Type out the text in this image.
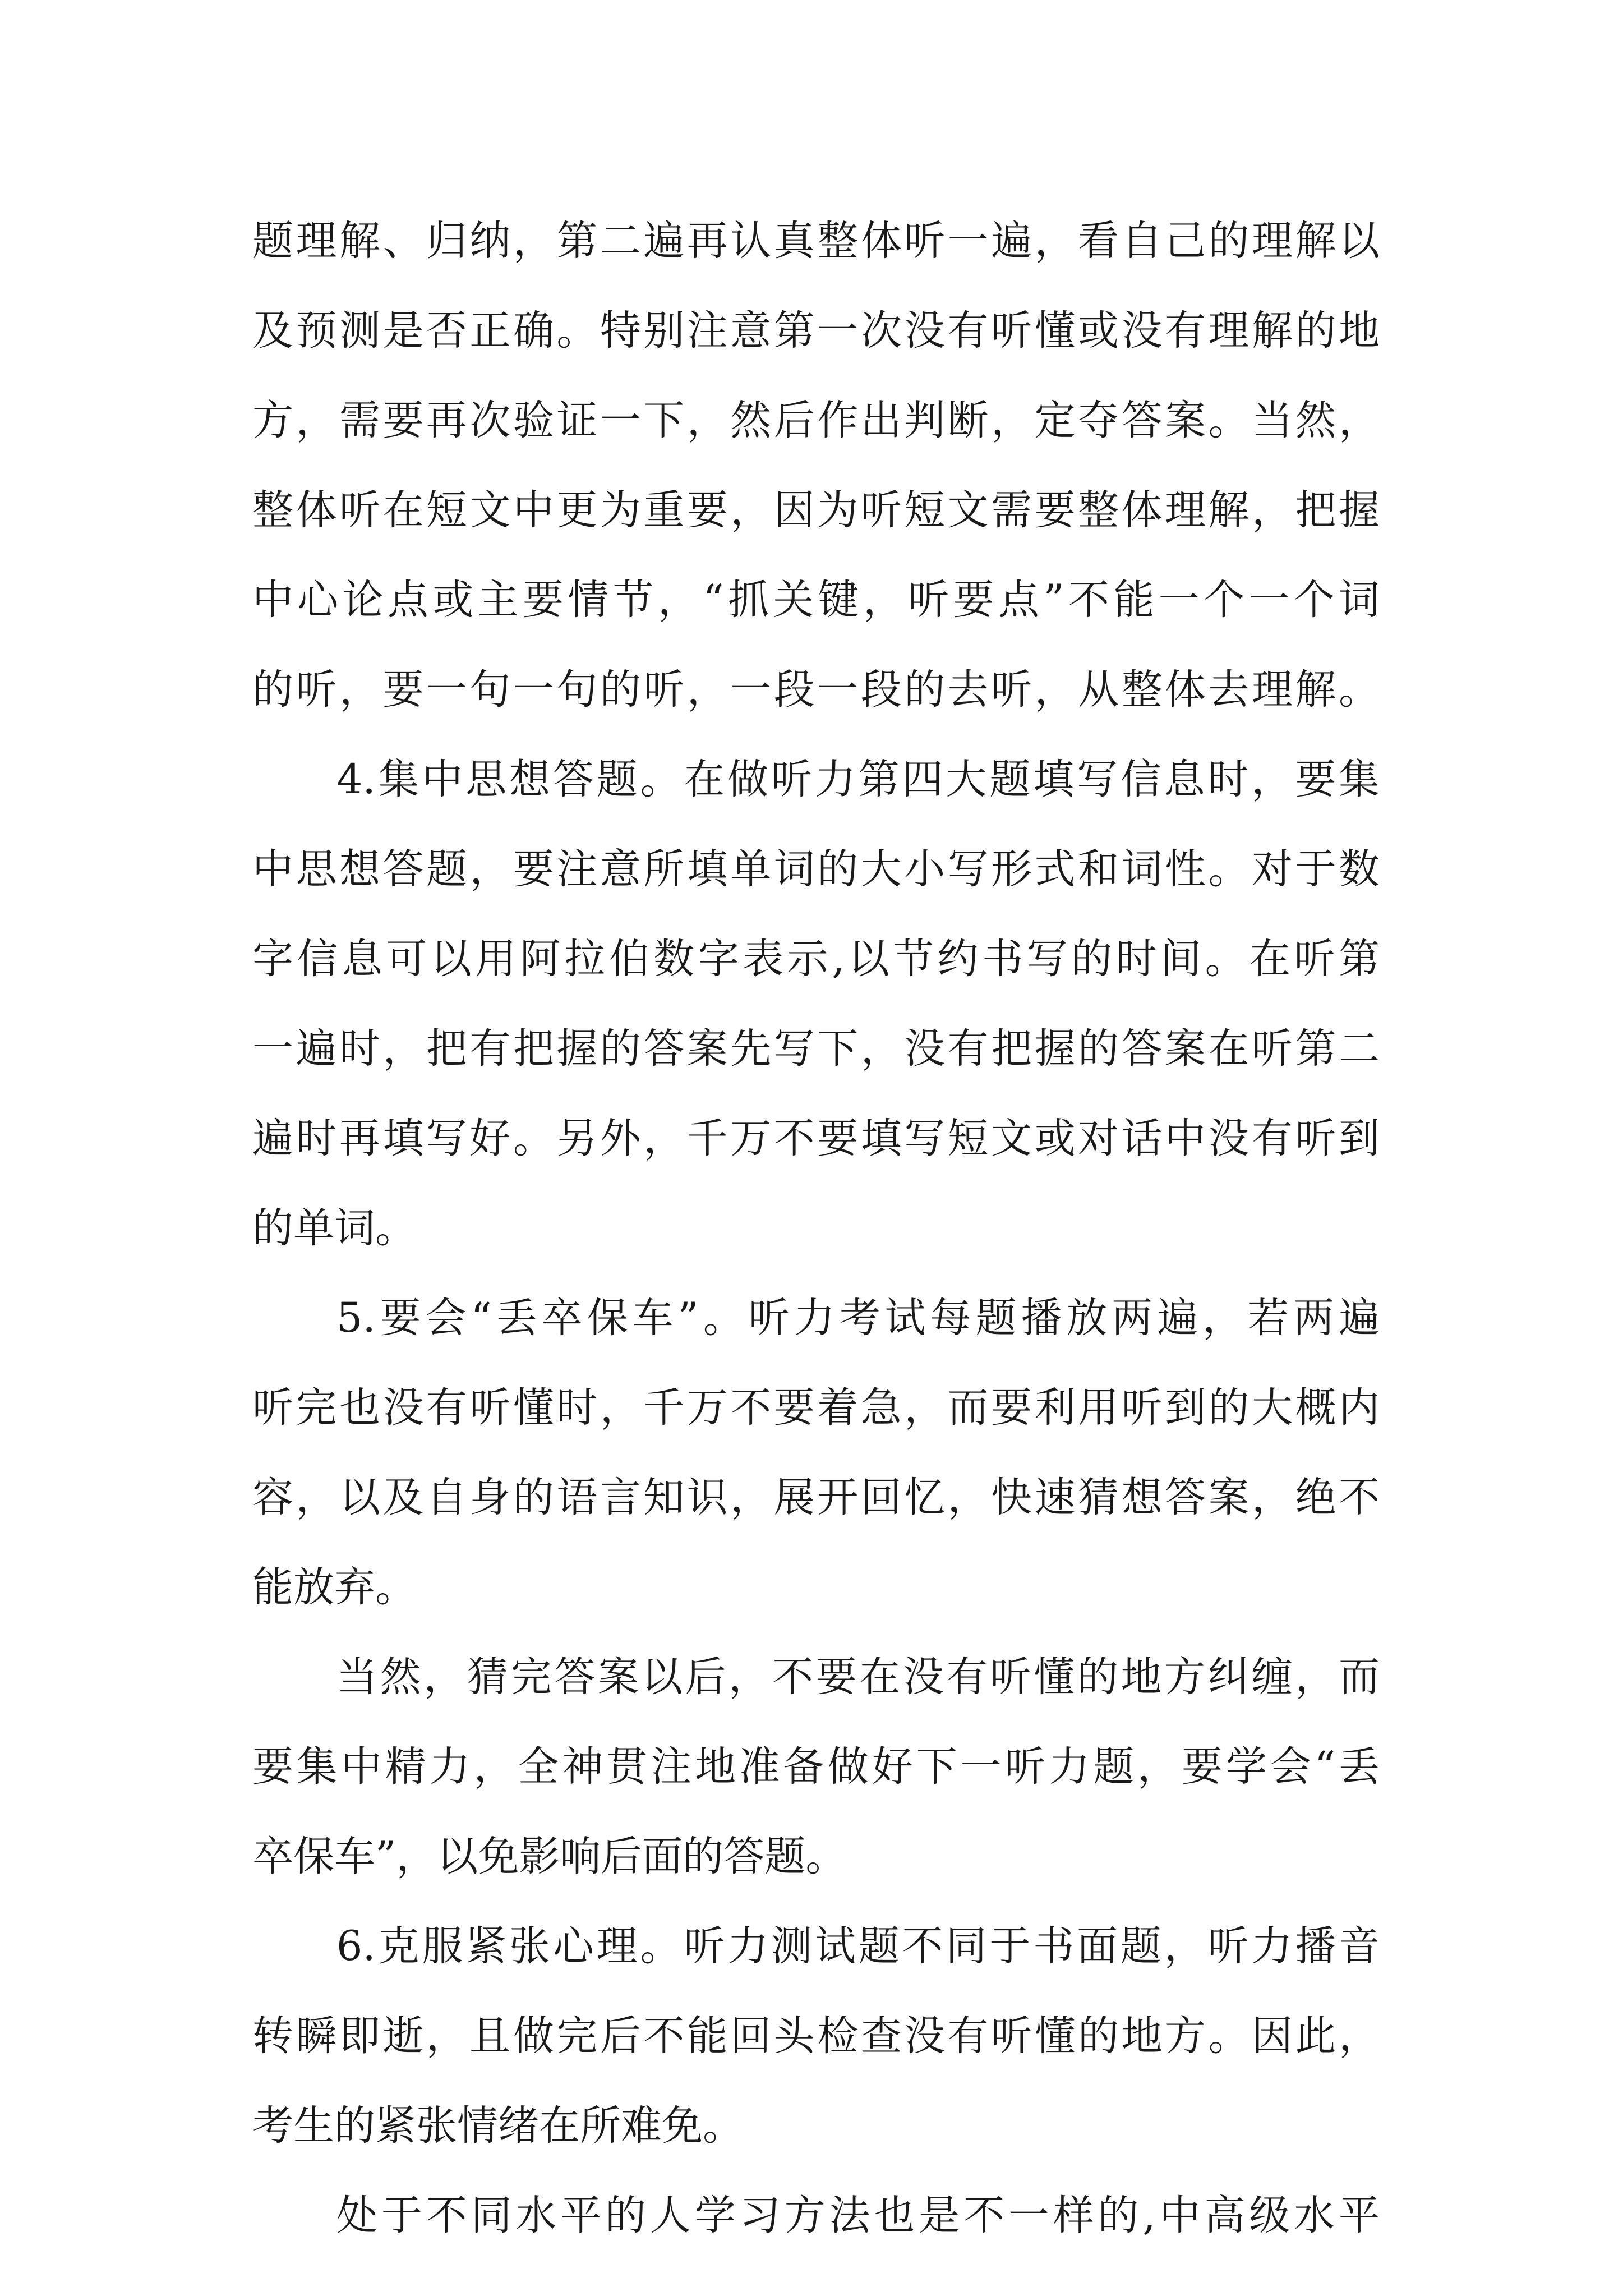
题理解、归纳，第二遍再认真整体听一遍，看自己的理解以
及预测是否正确。特别注意第一次没有听懂或没有理解的地
方，需要再次验证一下，然后作出判断，定夺答案。当然，
整体听在短文中更为重要，因为听短文需要整体理解，把握
中心论点或主要情节，“抓关键，听要点”不能一个一个词
的听，要一句一句的听，一段一段的去听，从整体去理解。
4.集中思想答题。在做听力第四大题填写信息时，要集
中思想答题，要注意所填单词的大小写形式和词性。对于数
字信息可以用阿拉伯数字表示,以节约书写的时间。在听第
一遍时，把有把握的答案先写下，没有把握的答案在听第二
遍时再填写好。另外，千万不要填写短文或对话中没有听到
的单词。
5.要会“丢卒保车”。听力考试每题播放两遍，若两遍
听完也没有听懂时，千万不要着急，而要利用听到的大概内
容，以及自身的语言知识，展开回忆，快速猜想答案，绝不
能放弃。
当然，猜完答案以后，不要在没有听懂的地方纠缠，而
要集中精力，全神贯注地准备做好下一听力题，要学会“丢
卒保车”，以免影响后面的答题。
6.克服紧张心理。听力测试题不同于书面题，听力播音
转瞬即逝，且做完后不能回头检查没有听懂的地方。因此，
考生的紧张情绪在所难免。
处于不同水平的人学习方法也是不一样的,中高级水平
